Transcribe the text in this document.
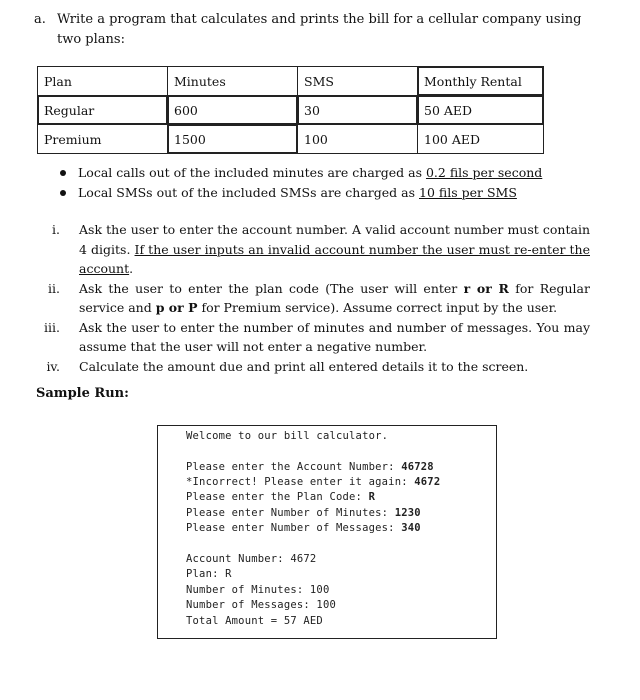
a. Write a program that calculates and prints the bill for a cellular company using two plans:
Plan	Minutes	SMS	Monthly Rental
Regular	600	30	50 AED
Premium	1500	100	100 AED
Local calls out of the included minutes are charged as 0.2 fils per second
Local SMSs out of the included SMSs are charged as 10 fils per SMS
i. Ask the user to enter the account number. A valid account number must contain 4 digits. If the user inputs an invalid account number the user must re-enter the account.
ii. Ask the user to enter the plan code (The user will enter r or R for Regular service and p or P for Premium service). Assume correct input by the user.
iii. Ask the user to enter the number of minutes and number of messages. You may assume that the user will not enter a negative number.
iv. Calculate the amount due and print all entered details it to the screen.
Sample Run:
Welcome to our bill calculator.
Please enter the Account Number: 46728
*Incorrect! Please enter it again: 4672
Please enter the Plan Code: R
Please enter Number of Minutes: 1230
Please enter Number of Messages: 340
Account Number: 4672
Plan: R
Number of Minutes: 100
Number of Messages: 100
Total Amount = 57 AED
